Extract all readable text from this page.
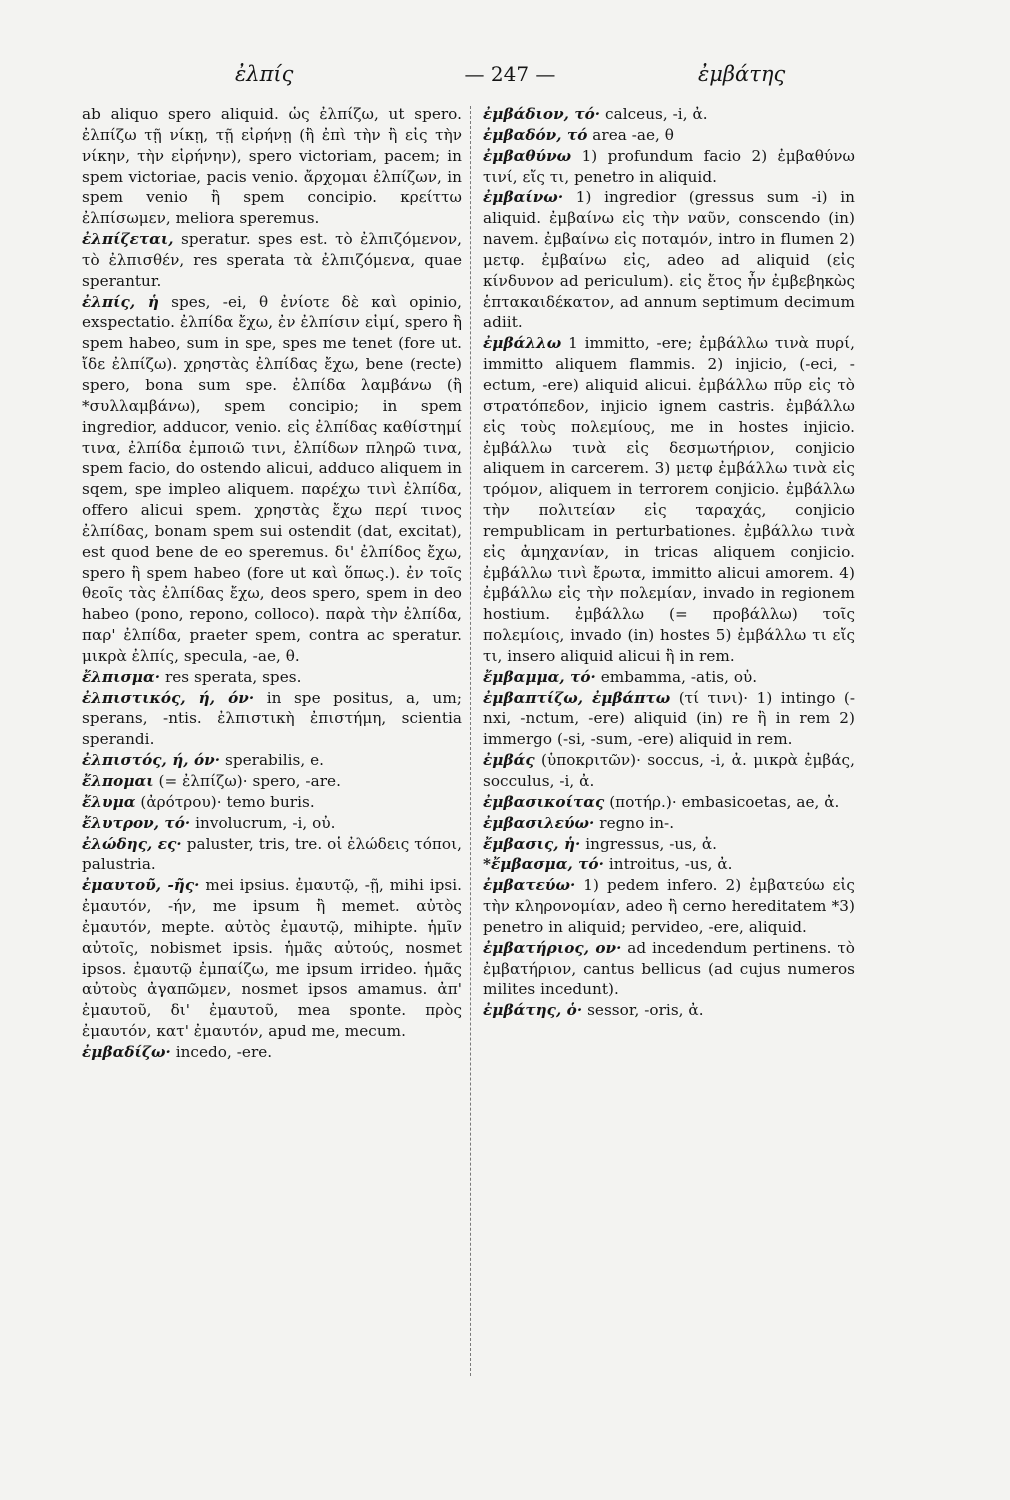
ἐλπίς	— 247 —	ἐμβάτης

ab aliquo spero aliquid. ὡς ἐλπίζω, ut spero. ἐλπίζω τῇ νίκῃ, τῇ εἰρήνῃ (ἢ ἐπὶ τὴν ἢ εἰς τὴν νίκην, τὴν εἰρήνην), spero victoriam, pacem; in spem victoriae, pacis venio. ἄρχομαι ἐλπίζων, in spem venio ἢ spem concipio. κρείττω ἐλπίσωμεν, meliora speremus.

ἐλπίζεται, speratur. spes est. τὸ ἐλπιζόμενον, τὸ ἐλπισθέν, res sperata τὰ ἐλπιζόμενα, quae sperantur.

ἐλπίς, ἡ spes, -ei, θ ἐνίοτε δὲ καὶ opinio, exspectatio. ἐλπίδα ἔχω, ἐν ἐλπίσιν εἰμί, spero ἢ spem habeo, sum in spe, spes me tenet (fore ut. ἴδε ἐλπίζω). χρηστὰς ἐλπίδας ἔχω, bene (recte) spero, bona sum spe. ἐλπίδα λαμβάνω (ἢ *συλλαμβάνω), spem concipio; in spem ingredior, adducor, venio. εἰς ἐλπίδας καθίστημί τινα, ἐλπίδα ἐμποιῶ τινι, ἐλπίδων πληρῶ τινα, spem facio, do ostendo alicui, adduco aliquem in sqem, spe impleo aliquem. παρέχω τινὶ ἐλπίδα, offero alicui spem. χρηστὰς ἔχω περί τινος ἐλπίδας, bonam spem sui ostendit (dat, excitat), est quod bene de eo speremus. δι' ἐλπίδος ἔχω, spero ἢ spem habeo (fore ut καὶ ὅπως.). ἐν τοῖς θεοῖς τὰς ἐλπίδας ἔχω, deos spero, spem in deo habeo (pono, repono, colloco). παρὰ τὴν ἐλπίδα, παρ' ἐλπίδα, praeter spem, contra ac speratur. μικρὰ ἐλπίς, specula, -ae, θ.

ἔλπισμα· res sperata, spes.

ἐλπιστικός, ή, όν· in spe positus, a, um; sperans, -ntis. ἐλπιστικὴ ἐπιστήμη, scientia sperandi.

ἐλπιστός, ή, όν· sperabilis, e.

ἔλπομαι (= ἐλπίζω)· spero, -are.

ἔλυμα (ἀρότρου)· temo buris.

ἔλυτρον, τό· involucrum, -i, οὐ.

ἐλώδης, ες· paluster, tris, tre. οἱ ἐλώδεις τόποι, palustria.

ἐμαυτοῦ, -ῆς· mei ipsius. ἐμαυτῷ, -ῇ, mihi ipsi. ἐμαυτόν, -ήν, me ipsum ἢ memet. αὐτὸς ἐμαυτόν, mepte. αὐτὸς ἐμαυτῷ, mihipte. ἡμῖν αὐτοῖς, nobismet ipsis. ἡμᾶς αὐτούς, nosmet ipsos. ἐμαυτῷ ἐμπαίζω, me ipsum irrideo. ἡμᾶς αὐτοὺς ἀγαπῶμεν, nosmet ipsos amamus. ἀπ' ἐμαυτοῦ, δι' ἐμαυτοῦ, mea sponte. πρὸς ἐμαυτόν, κατ' ἐμαυτόν, apud me, mecum.

ἐμβαδίζω· incedo, -ere.

ἐμβάδιον, τό· calceus, -i, ἀ.

ἐμβαδόν, τό area -ae, θ

ἐμβαθύνω 1) profundum facio 2) ἐμβαθύνω τινί, εἴς τι, penetro in aliquid.

ἐμβαίνω· 1) ingredior (gressus sum -i) in aliquid. ἐμβαίνω εἰς τὴν ναῦν, conscendo (in) navem. ἐμβαίνω εἰς ποταμόν, intro in flumen 2) μετφ. ἐμβαίνω εἰς, adeo ad aliquid (εἰς κίνδυνον ad periculum). εἰς ἔτος ἦν ἐμβεβηκὼς ἑπτακαιδέκατον, ad annum septimum decimum adiit.

ἐμβάλλω 1 immitto, -ere; ἐμβάλλω τινὰ πυρί, immitto aliquem flammis. 2) injicio, (-eci, -ectum, -ere) aliquid alicui. ἐμβάλλω πῦρ εἰς τὸ στρατόπεδον, injicio ignem castris. ἐμβάλλω εἰς τοὺς πολεμίους, me in hostes injicio. ἐμβάλλω τινὰ εἰς δεσμωτήριον, conjicio aliquem in carcerem. 3) μετφ ἐμβάλλω τινὰ εἰς τρόμον, aliquem in terrorem conjicio. ἐμβάλλω τὴν πολιτείαν εἰς ταραχάς, conjicio rempublicam in perturbationes. ἐμβάλλω τινὰ εἰς ἀμηχανίαν, in tricas aliquem conjicio. ἐμβάλλω τινὶ ἔρωτα, immitto alicui amorem. 4) ἐμβάλλω εἰς τὴν πολεμίαν, invado in regionem hostium. ἐμβάλλω (= προβάλλω) τοῖς πολεμίοις, invado (in) hostes 5) ἐμβάλλω τι εἴς τι, insero aliquid alicui ἢ in rem.

ἔμβαμμα, τό· embamma, -atis, οὐ.

ἐμβαπτίζω, ἐμβάπτω (τί τινι)· 1) intingo (-nxi, -nctum, -ere) aliquid (in) re ἢ in rem 2) immergo (-si, -sum, -ere) aliquid in rem.

ἐμβάς (ὑποκριτῶν)· soccus, -i, ἀ. μικρὰ ἐμβάς, socculus, -i, ἀ.

ἐμβασικοίτας (ποτήρ.)· embasicoetas, ae, ἀ.

ἐμβασιλεύω· regno in-.

ἔμβασις, ἡ· ingressus, -us, ἀ.

*ἔμβασμα, τό· introitus, -us, ἀ.

ἐμβατεύω· 1) pedem infero. 2) ἐμβατεύω εἰς τὴν κληρονομίαν, adeo ἢ cerno hereditatem *3) penetro in aliquid; pervideo, -ere, aliquid.

ἐμβατήριος, ον· ad incedendum pertinens. τὸ ἐμβατήριον, cantus bellicus (ad cujus numeros milites incedunt).

ἐμβάτης, ὁ· sessor, -oris, ἀ.
